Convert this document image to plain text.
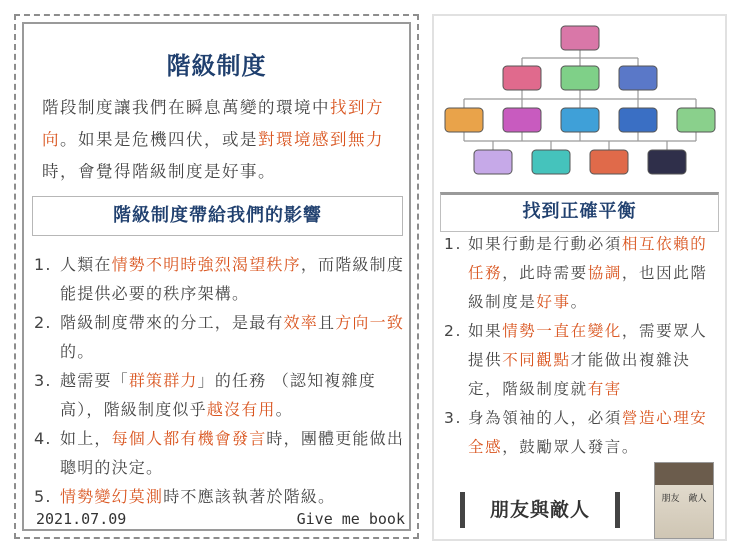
階級制度
階段制度讓我們在瞬息萬變的環境中找到方向。如果是危機四伏，或是對環境感到無力時，會覺得階級制度是好事。
階級制度帶給我們的影響
1. 人類在情勢不明時強烈渴望秩序，而階級制度能提供必要的秩序架構。
2. 階級制度帶來的分工，是最有效率且方向一致的。
3. 越需要「群策群力」的任務 （認知複雜度高），階級制度似乎越沒有用。
4. 如上，每個人都有機會發言時，團體更能做出聰明的決定。
5. 情勢變幻莫測時不應該執著於階級。
2021.07.09	Give me book
找到正確平衡
1. 如果行動是行動必須相互依賴的任務，此時需要協調，也因此階級制度是好事。
2. 如果情勢一直在變化，需要眾人提供不同觀點才能做出複雜決定，階級制度就有害
3. 身為領袖的人，必須營造心理安全感，鼓勵眾人發言。
朋友與敵人	朋友　敵人
